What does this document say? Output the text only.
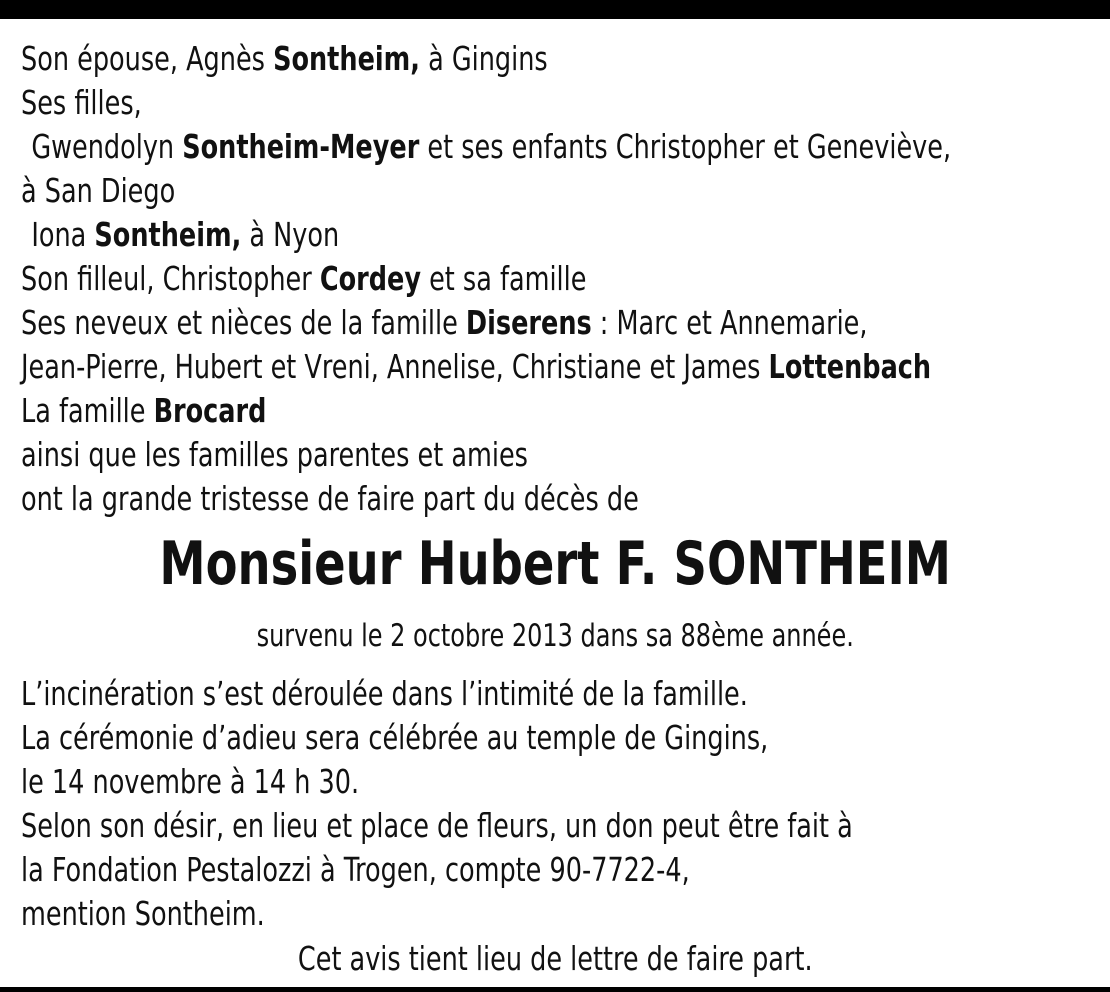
Son épouse, Agnès Sontheim, à Gingins
Ses filles,
Gwendolyn Sontheim-Meyer et ses enfants Christopher et Geneviève,
à San Diego
Iona Sontheim, à Nyon
Son filleul, Christopher Cordey et sa famille
Ses neveux et nièces de la famille Diserens : Marc et Annemarie,
Jean-Pierre, Hubert et Vreni, Annelise, Christiane et James Lottenbach
La famille Brocard
ainsi que les familles parentes et amies
ont la grande tristesse de faire part du décès de
Monsieur Hubert F. SONTHEIM
survenu le 2 octobre 2013 dans sa 88ème année.
L’incinération s’est déroulée dans l’intimité de la famille.
La cérémonie d’adieu sera célébrée au temple de Gingins,
le 14 novembre à 14 h 30.
Selon son désir, en lieu et place de fleurs, un don peut être fait à
la Fondation Pestalozzi à Trogen, compte 90-7722-4,
mention Sontheim.
Cet avis tient lieu de lettre de faire part.
